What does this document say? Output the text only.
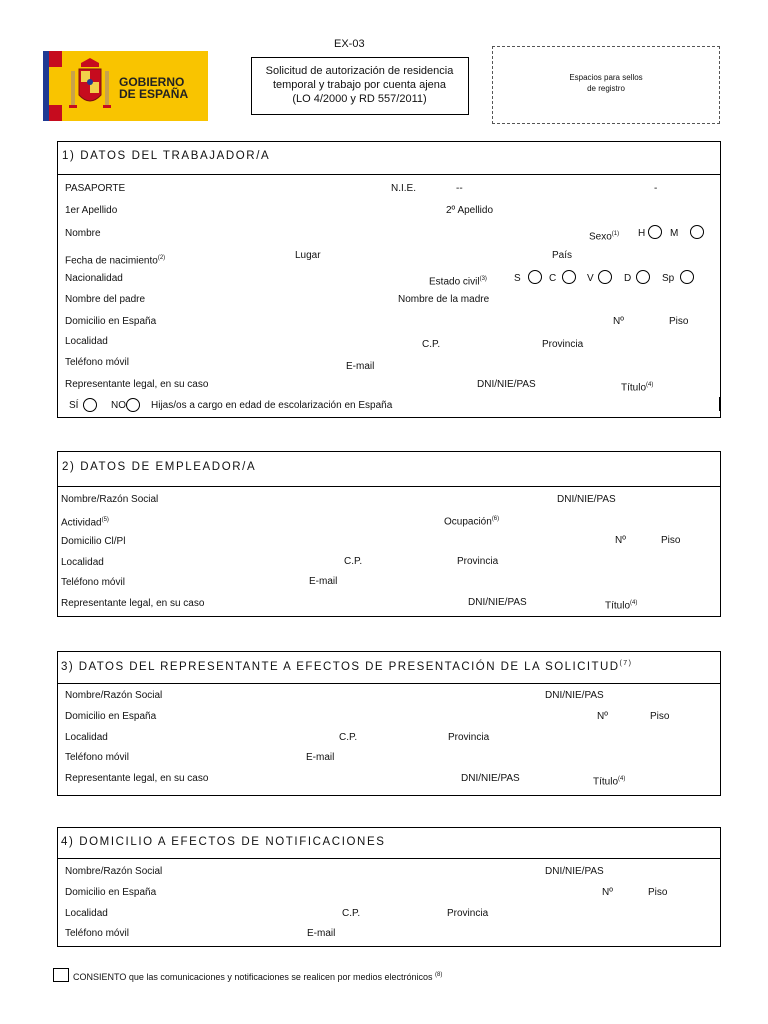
EX-03
GOBIERNO
DE ESPAÑA
Solicitud de autorización de residencia
temporal y trabajo por cuenta ajena
(LO 4/2000 y RD 557/2011)
Espacios para sellos
de registro
1) DATOS DEL TRABAJADOR/A
PASAPORTE	N.I.E.	--	-
1er Apellido	2º Apellido
Nombre	Sexo$^{(1)}$ H M
Fecha de nacimiento$^{(2)}$	Lugar	País
Nacionalidad	Estado civil$^{(3)}$	S	C	V	D	Sp
Nombre del padre	Nombre de la madre
Domicilio en España	Nº	Piso
Localidad	C.P.	Provincia
Teléfono móvil	E-mail
Representante legal, en su caso	DNI/NIE/PAS	Título$^{(4)}$
SÍ	NO	Hijas/os a cargo en edad de escolarización en España
2) DATOS DE EMPLEADOR/A
Nombre/Razón Social	DNI/NIE/PAS
Actividad$^{(5)}$	Ocupación$^{(6)}$
Domicilio Cl/Pl	Nº	Piso
Localidad	C.P.	Provincia
Teléfono móvil	E-mail
Representante legal, en su caso	DNI/NIE/PAS	Título$^{(4)}$
3) DATOS DEL REPRESENTANTE A EFECTOS DE PRESENTACIÓN DE LA SOLICITUD$^{(7)}$
Nombre/Razón Social	DNI/NIE/PAS
Domicilio en España	Nº	Piso
Localidad	C.P.	Provincia
Teléfono móvil	E-mail
Representante legal, en su caso	DNI/NIE/PAS	Título$^{(4)}$
4) DOMICILIO A EFECTOS DE NOTIFICACIONES
Nombre/Razón Social	DNI/NIE/PAS
Domicilio en España	Nº	Piso
Localidad	C.P.	Provincia
Teléfono móvil	E-mail
CONSIENTO que las comunicaciones y notificaciones se realicen por medios electrónicos $^{(8)}$
